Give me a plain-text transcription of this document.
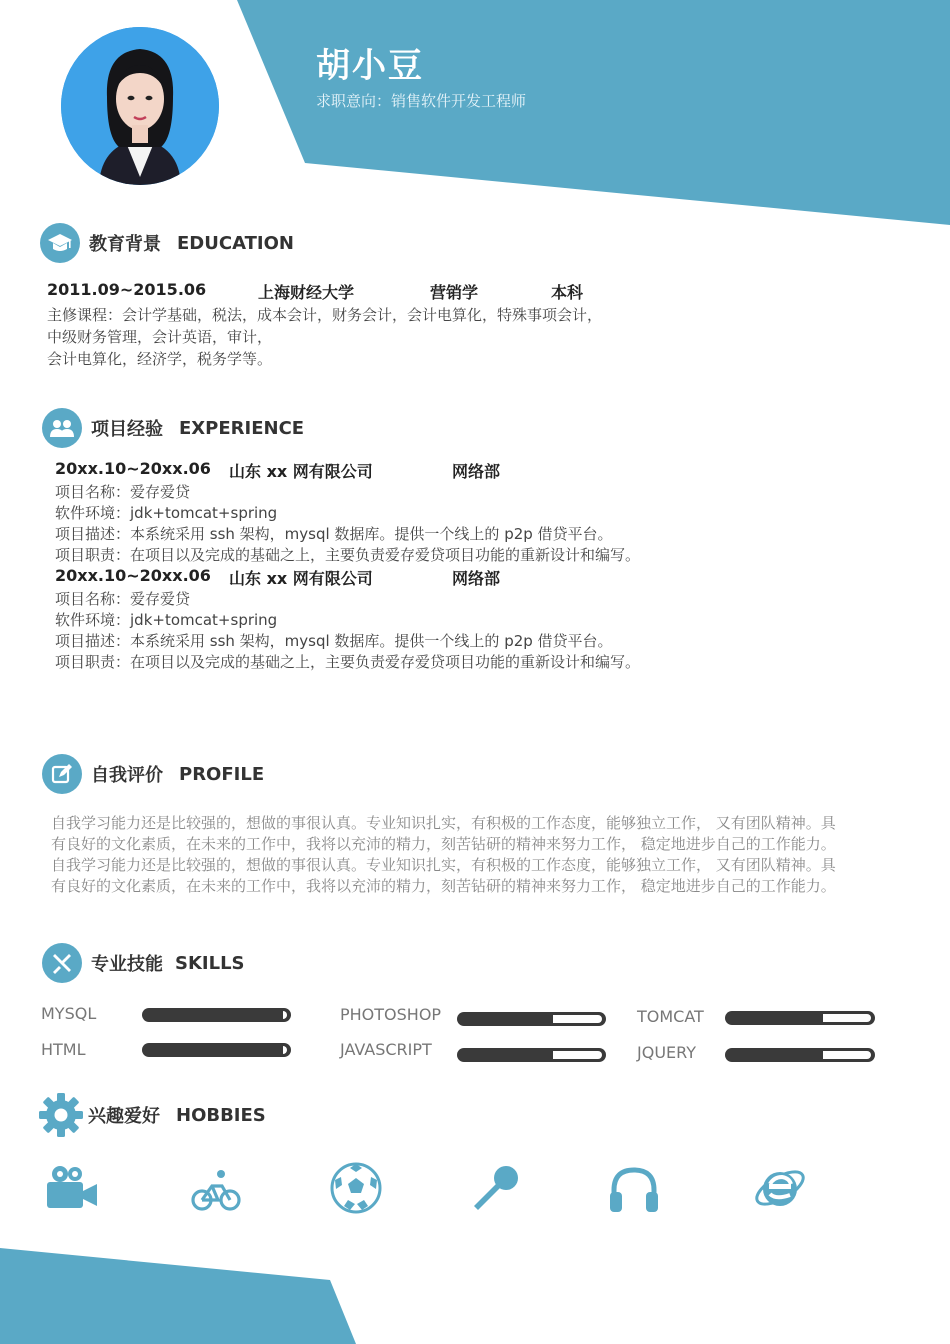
胡小豆
求职意向：销售软件开发工程师
教育背景 EDUCATION
2011.09~2015.06	上海财经大学	营销学	本科
主修课程：会计学基础，税法，成本会计，财务会计，会计电算化，特殊事项会计，
中级财务管理，会计英语，审计，
会计电算化，经济学，税务学等。
项目经验 EXPERIENCE
20xx.10~20xx.06 山东 xx 网有限公司	网络部
项目名称：爱存爱贷
软件环境：jdk+tomcat+spring
项目描述：本系统采用 ssh 架构，mysql 数据库。提供一个线上的 p2p 借贷平台。
项目职责：在项目以及完成的基础之上，主要负责爱存爱贷项目功能的重新设计和编写。
20xx.10~20xx.06 山东 xx 网有限公司	网络部
项目名称：爱存爱贷
软件环境：jdk+tomcat+spring
项目描述：本系统采用 ssh 架构，mysql 数据库。提供一个线上的 p2p 借贷平台。
项目职责：在项目以及完成的基础之上，主要负责爱存爱贷项目功能的重新设计和编写。
自我评价 PROFILE
自我学习能力还是比较强的，想做的事很认真。专业知识扎实，有积极的工作态度，能够独立工作， 又有团队精神。具
有良好的文化素质，在未来的工作中，我将以充沛的精力，刻苦钻研的精神来努力工作， 稳定地进步自己的工作能力。
自我学习能力还是比较强的，想做的事很认真。专业知识扎实，有积极的工作态度，能够独立工作， 又有团队精神。具
有良好的文化素质，在未来的工作中，我将以充沛的精力，刻苦钻研的精神来努力工作， 稳定地进步自己的工作能力。
专业技能 SKILLS
MYSQL	PHOTOSHOP	TOMCAT
HTML	JAVASCRIPT	JQUERY
兴趣爱好 HOBBIES
